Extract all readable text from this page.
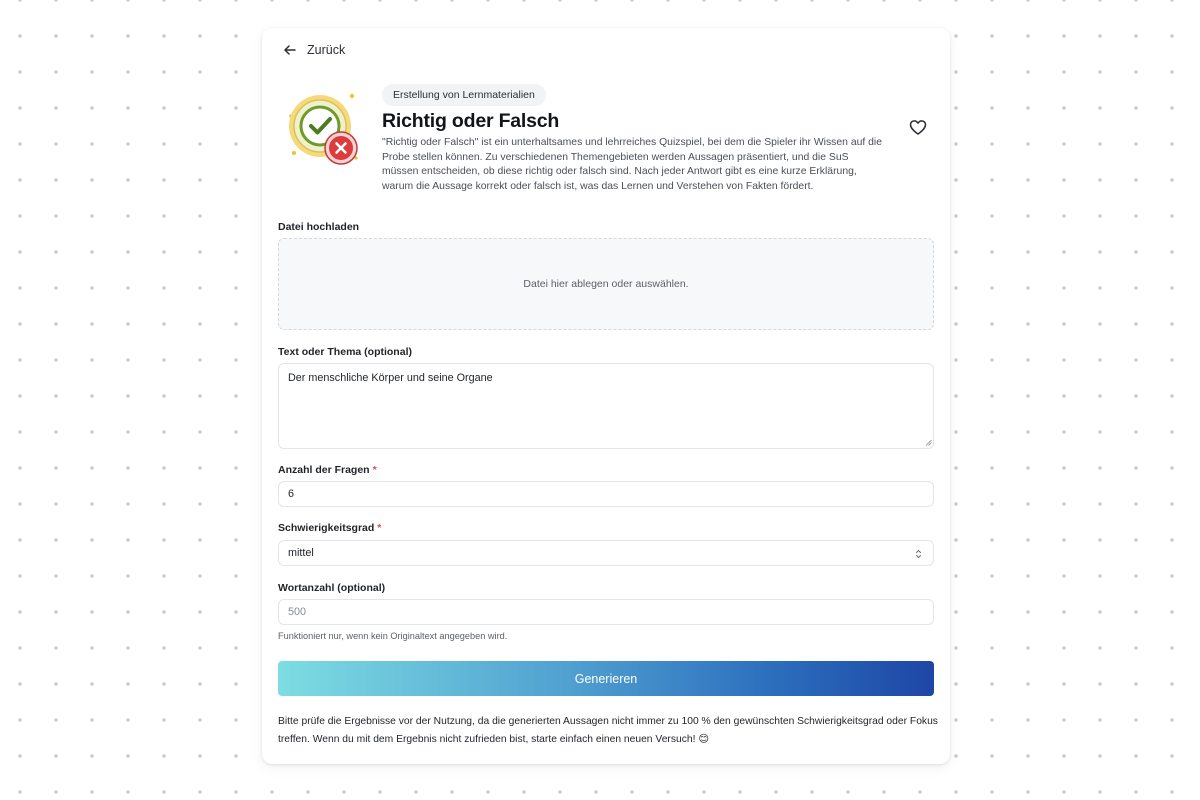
Zurück
Erstellung von Lernmaterialien
Richtig oder Falsch
"Richtig oder Falsch" ist ein unterhaltsames und lehrreiches Quizspiel, bei dem die Spieler ihr Wissen auf die Probe stellen können. Zu verschiedenen Themengebieten werden Aussagen präsentiert, und die SuS müssen entscheiden, ob diese richtig oder falsch sind. Nach jeder Antwort gibt es eine kurze Erklärung, warum die Aussage korrekt oder falsch ist, was das Lernen und Verstehen von Fakten fördert.
Datei hochladen
Datei hier ablegen oder auswählen.
Text oder Thema (optional)
Der menschliche Körper und seine Organe
Anzahl der Fragen *
6
Schwierigkeitsgrad *
mittel
Wortanzahl (optional)
500
Funktioniert nur, wenn kein Originaltext angegeben wird.
Generieren
Bitte prüfe die Ergebnisse vor der Nutzung, da die generierten Aussagen nicht immer zu 100 % den gewünschten Schwierigkeitsgrad oder Fokus treffen. Wenn du mit dem Ergebnis nicht zufrieden bist, starte einfach einen neuen Versuch! 😊
